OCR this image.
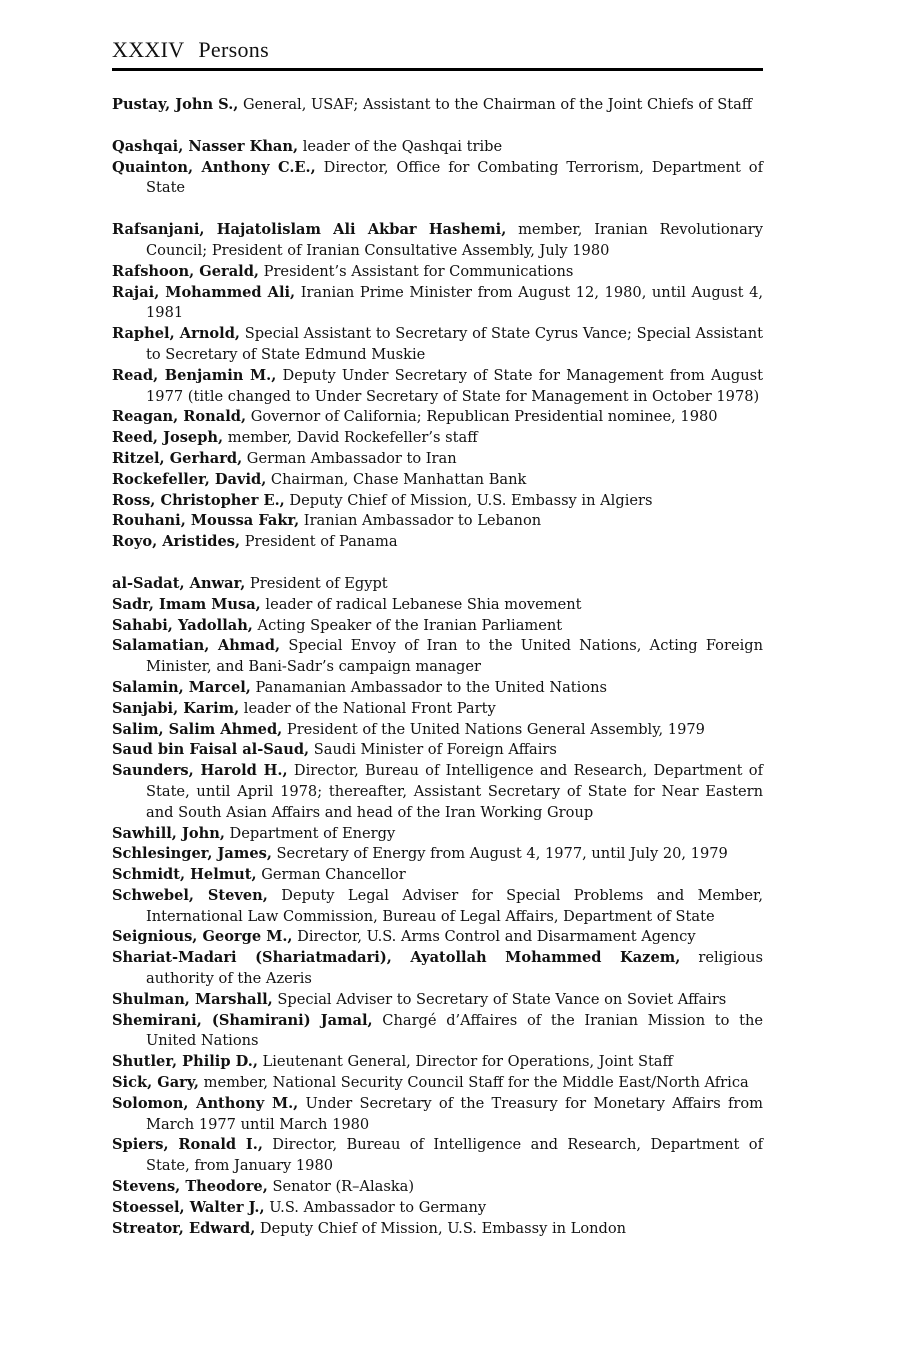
XXXIV Persons

Pustay, John S., General, USAF; Assistant to the Chairman of the Joint Chiefs of Staff

Qashqai, Nasser Khan, leader of the Qashqai tribe

Quainton, Anthony C.E., Director, Office for Combating Terrorism, Department of State

Rafsanjani, Hajatolislam Ali Akbar Hashemi, member, Iranian Revolutionary Council; President of Iranian Consultative Assembly, July 1980

Rafshoon, Gerald, President’s Assistant for Communications

Rajai, Mohammed Ali, Iranian Prime Minister from August 12, 1980, until August 4, 1981

Raphel, Arnold, Special Assistant to Secretary of State Cyrus Vance; Special Assistant to Secretary of State Edmund Muskie

Read, Benjamin M., Deputy Under Secretary of State for Management from August 1977 (title changed to Under Secretary of State for Management in October 1978)

Reagan, Ronald, Governor of California; Republican Presidential nominee, 1980

Reed, Joseph, member, David Rockefeller’s staff

Ritzel, Gerhard, German Ambassador to Iran

Rockefeller, David, Chairman, Chase Manhattan Bank

Ross, Christopher E., Deputy Chief of Mission, U.S. Embassy in Algiers

Rouhani, Moussa Fakr, Iranian Ambassador to Lebanon

Royo, Aristides, President of Panama

al-Sadat, Anwar, President of Egypt

Sadr, Imam Musa, leader of radical Lebanese Shia movement

Sahabi, Yadollah, Acting Speaker of the Iranian Parliament

Salamatian, Ahmad, Special Envoy of Iran to the United Nations, Acting Foreign Minister, and Bani-Sadr’s campaign manager

Salamin, Marcel, Panamanian Ambassador to the United Nations

Sanjabi, Karim, leader of the National Front Party

Salim, Salim Ahmed, President of the United Nations General Assembly, 1979

Saud bin Faisal al-Saud, Saudi Minister of Foreign Affairs

Saunders, Harold H., Director, Bureau of Intelligence and Research, Department of State, until April 1978; thereafter, Assistant Secretary of State for Near Eastern and South Asian Affairs and head of the Iran Working Group

Sawhill, John, Department of Energy

Schlesinger, James, Secretary of Energy from August 4, 1977, until July 20, 1979

Schmidt, Helmut, German Chancellor

Schwebel, Steven, Deputy Legal Adviser for Special Problems and Member, International Law Commission, Bureau of Legal Affairs, Department of State

Seignious, George M., Director, U.S. Arms Control and Disarmament Agency

Shariat-Madari (Shariatmadari), Ayatollah Mohammed Kazem, religious authority of the Azeris

Shulman, Marshall, Special Adviser to Secretary of State Vance on Soviet Affairs

Shemirani, (Shamirani) Jamal, Chargé d’Affaires of the Iranian Mission to the United Nations

Shutler, Philip D., Lieutenant General, Director for Operations, Joint Staff

Sick, Gary, member, National Security Council Staff for the Middle East/North Africa

Solomon, Anthony M., Under Secretary of the Treasury for Monetary Affairs from March 1977 until March 1980

Spiers, Ronald I., Director, Bureau of Intelligence and Research, Department of State, from January 1980

Stevens, Theodore, Senator (R–Alaska)

Stoessel, Walter J., U.S. Ambassador to Germany

Streator, Edward, Deputy Chief of Mission, U.S. Embassy in London
